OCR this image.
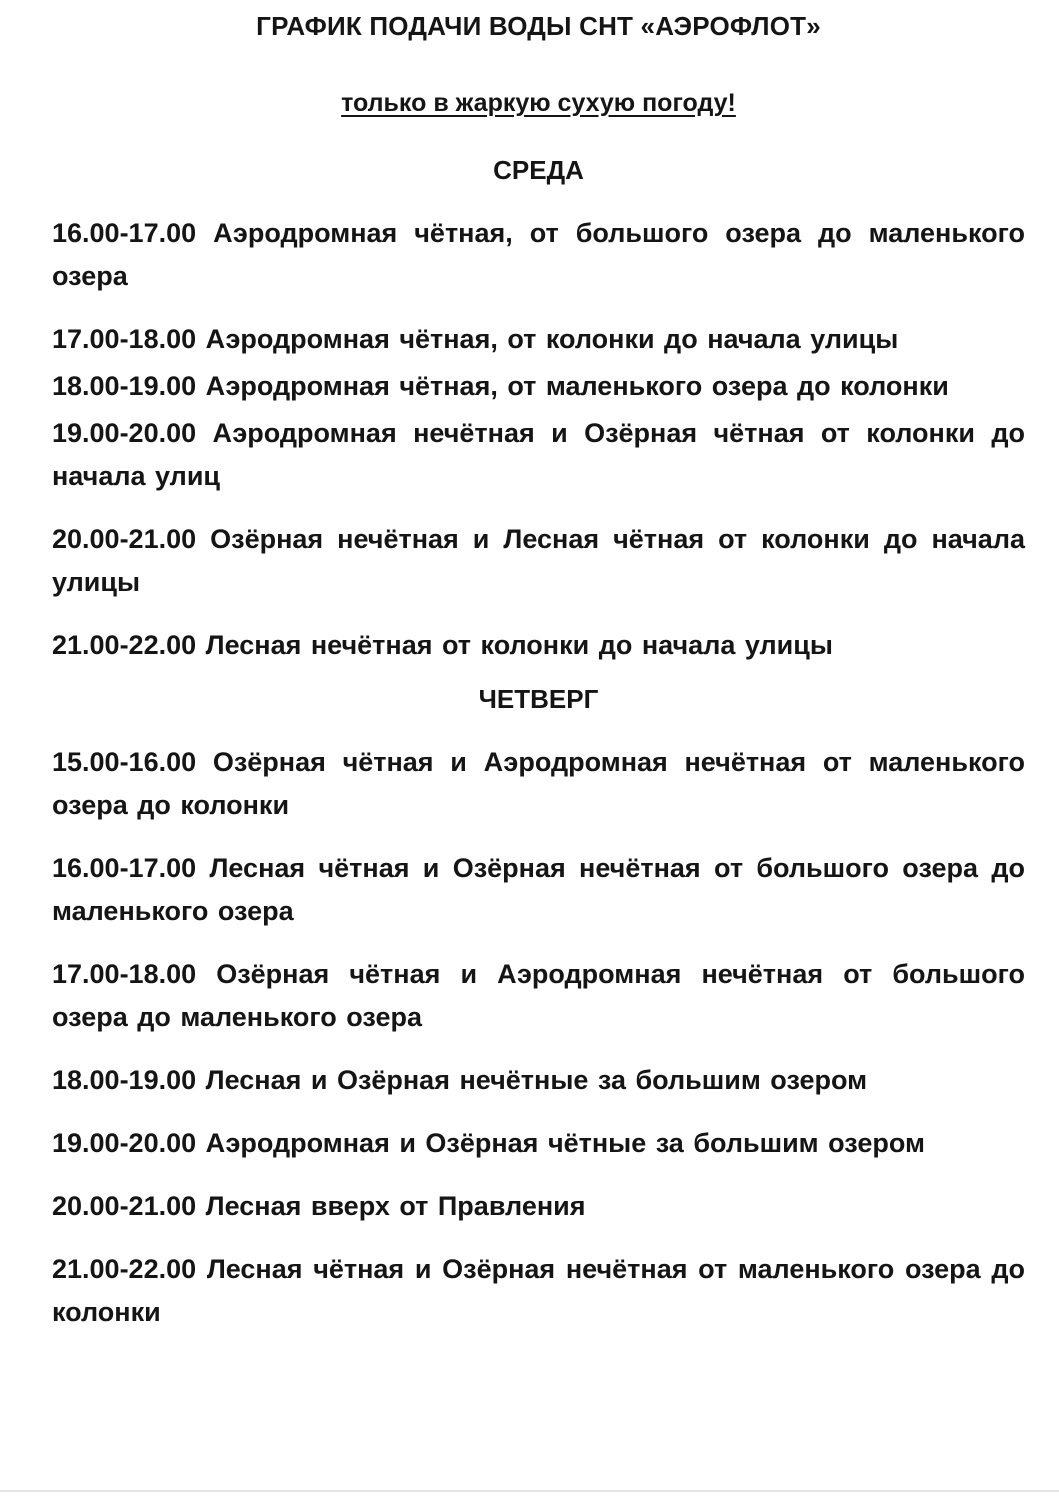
ГРАФИК ПОДАЧИ ВОДЫ СНТ «АЭРОФЛОТ»

только в жаркую сухую погоду!

СРЕДА

16.00-17.00 Аэродромная чётная, от большого озера до маленького озера

17.00-18.00 Аэродромная чётная, от колонки до начала улицы

18.00-19.00 Аэродромная чётная, от маленького озера до колонки

19.00-20.00 Аэродромная нечётная и Озёрная чётная от колонки до начала улиц

20.00-21.00 Озёрная нечётная и Лесная чётная от колонки до начала улицы

21.00-22.00 Лесная нечётная от колонки до начала улицы

ЧЕТВЕРГ

15.00-16.00 Озёрная чётная и Аэродромная нечётная от маленького озера до колонки

16.00-17.00 Лесная чётная и Озёрная нечётная от большого озера до маленького озера

17.00-18.00 Озёрная чётная и Аэродромная нечётная от большого озера до маленького озера

18.00-19.00 Лесная и Озёрная нечётные за большим озером

19.00-20.00 Аэродромная и Озёрная чётные за большим озером

20.00-21.00 Лесная вверх от Правления

21.00-22.00 Лесная чётная и Озёрная нечётная от маленького озера до колонки
